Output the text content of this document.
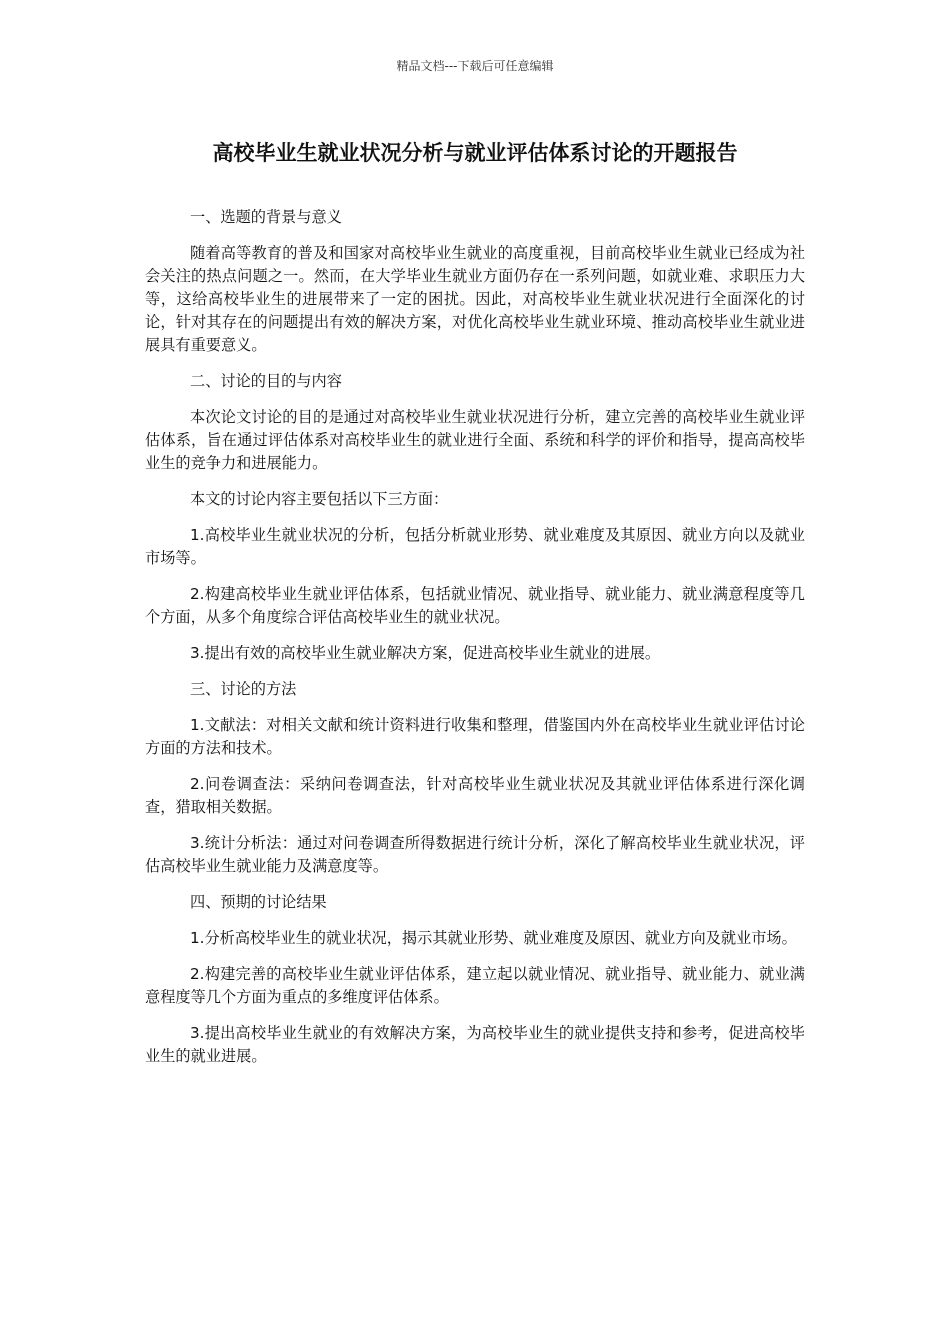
精品文档---下载后可任意编辑
高校毕业生就业状况分析与就业评估体系讨论的开题报告

一、选题的背景与意义

随着高等教育的普及和国家对高校毕业生就业的高度重视，目前高校毕业生就业已经成为社会关注的热点问题之一。然而，在大学毕业生就业方面仍存在一系列问题，如就业难、求职压力大等，这给高校毕业生的进展带来了一定的困扰。因此，对高校毕业生就业状况进行全面深化的讨论，针对其存在的问题提出有效的解决方案，对优化高校毕业生就业环境、推动高校毕业生就业进展具有重要意义。

二、讨论的目的与内容

本次论文讨论的目的是通过对高校毕业生就业状况进行分析，建立完善的高校毕业生就业评估体系，旨在通过评估体系对高校毕业生的就业进行全面、系统和科学的评价和指导，提高高校毕业生的竞争力和进展能力。

本文的讨论内容主要包括以下三方面：

1.高校毕业生就业状况的分析，包括分析就业形势、就业难度及其原因、就业方向以及就业市场等。

2.构建高校毕业生就业评估体系，包括就业情况、就业指导、就业能力、就业满意程度等几个方面，从多个角度综合评估高校毕业生的就业状况。

3.提出有效的高校毕业生就业解决方案，促进高校毕业生就业的进展。

三、讨论的方法

1.文献法：对相关文献和统计资料进行收集和整理，借鉴国内外在高校毕业生就业评估讨论方面的方法和技术。

2.问卷调查法：采纳问卷调查法，针对高校毕业生就业状况及其就业评估体系进行深化调查，猎取相关数据。

3.统计分析法：通过对问卷调查所得数据进行统计分析，深化了解高校毕业生就业状况，评估高校毕业生就业能力及满意度等。

四、预期的讨论结果

1.分析高校毕业生的就业状况，揭示其就业形势、就业难度及原因、就业方向及就业市场。

2.构建完善的高校毕业生就业评估体系，建立起以就业情况、就业指导、就业能力、就业满意程度等几个方面为重点的多维度评估体系。

3.提出高校毕业生就业的有效解决方案，为高校毕业生的就业提供支持和参考，促进高校毕业生的就业进展。
